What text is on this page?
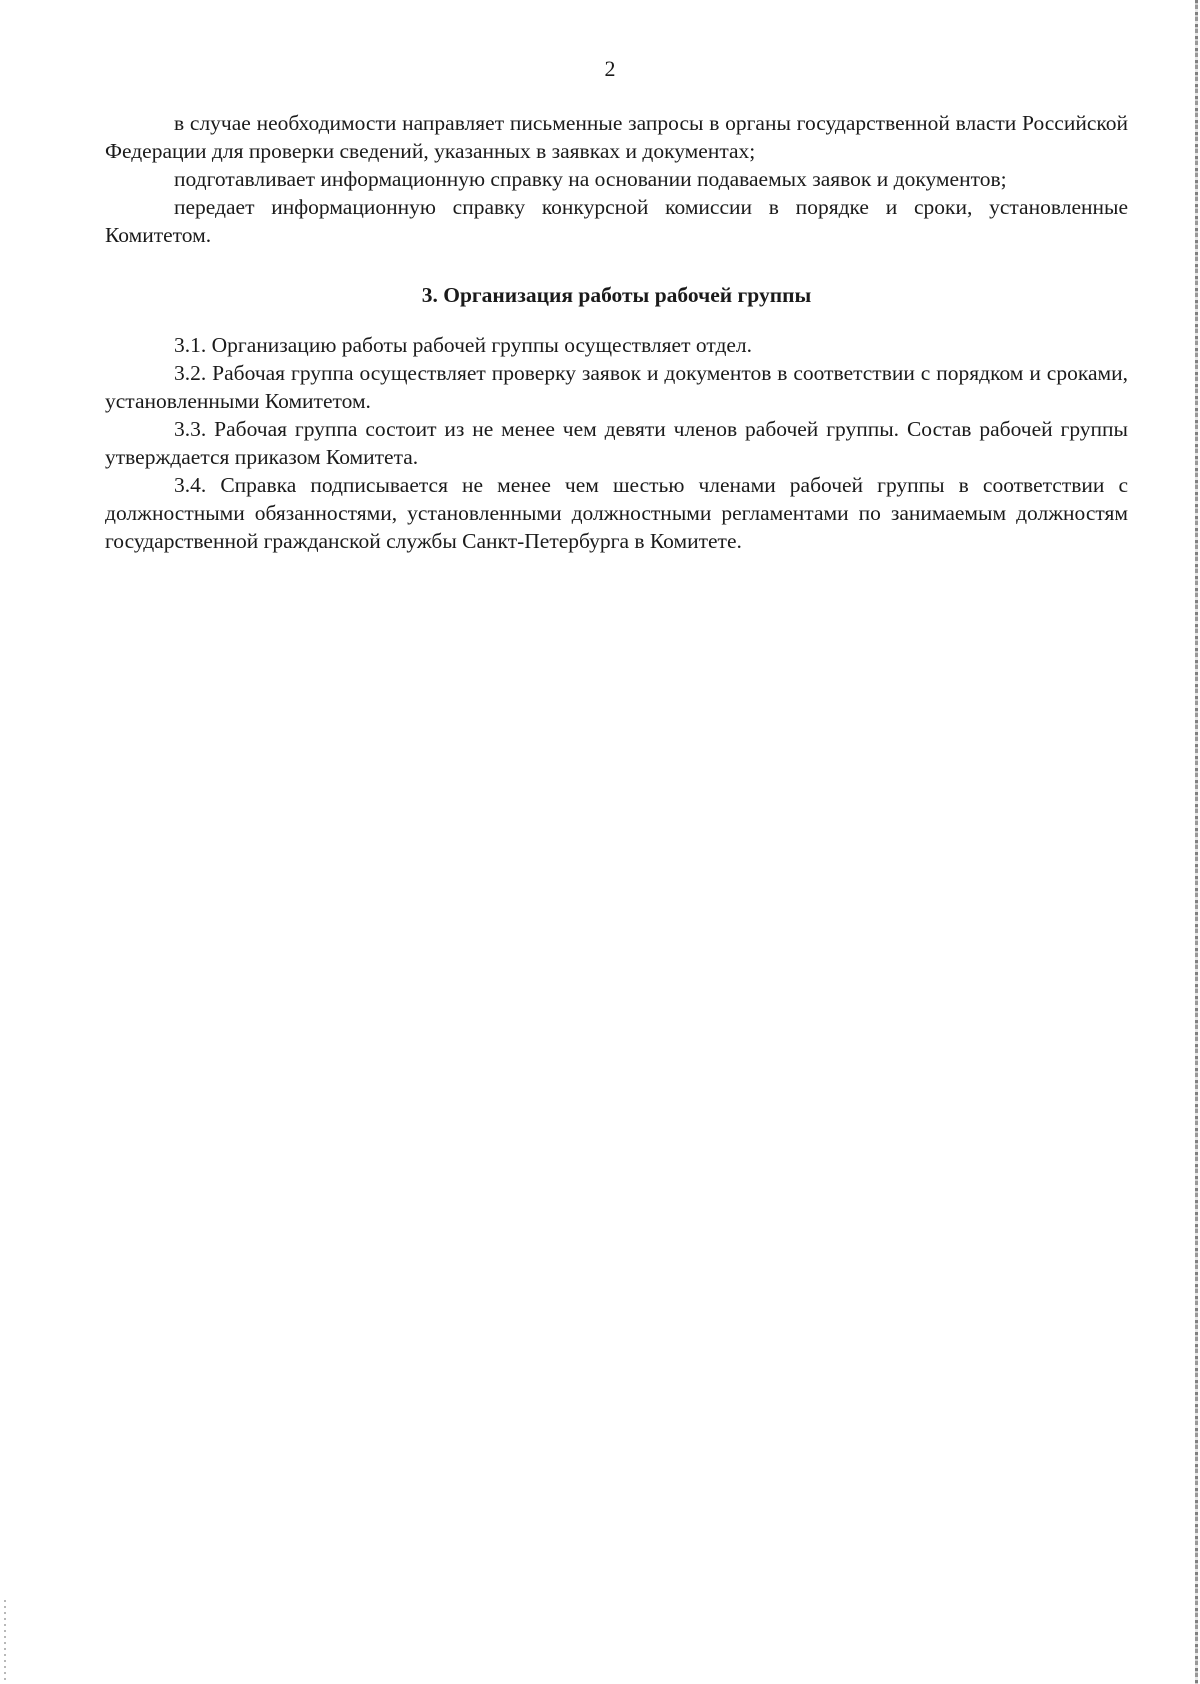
2

в случае необходимости направляет письменные запросы в органы государственной власти Российской Федерации для проверки сведений, указанных в заявках и документах;

подготавливает информационную справку на основании подаваемых заявок и документов;

передает информационную справку конкурсной комиссии в порядке и сроки, установленные Комитетом.

3. Организация работы рабочей группы

3.1. Организацию работы рабочей группы осуществляет отдел.

3.2. Рабочая группа осуществляет проверку заявок и документов в соответствии с порядком и сроками, установленными Комитетом.

3.3. Рабочая группа состоит из не менее чем девяти членов рабочей группы. Состав рабочей группы утверждается приказом Комитета.

3.4. Справка подписывается не менее чем шестью членами рабочей группы в соответствии с должностными обязанностями, установленными должностными регламентами по занимаемым должностям государственной гражданской службы Санкт-Петербурга в Комитете.
